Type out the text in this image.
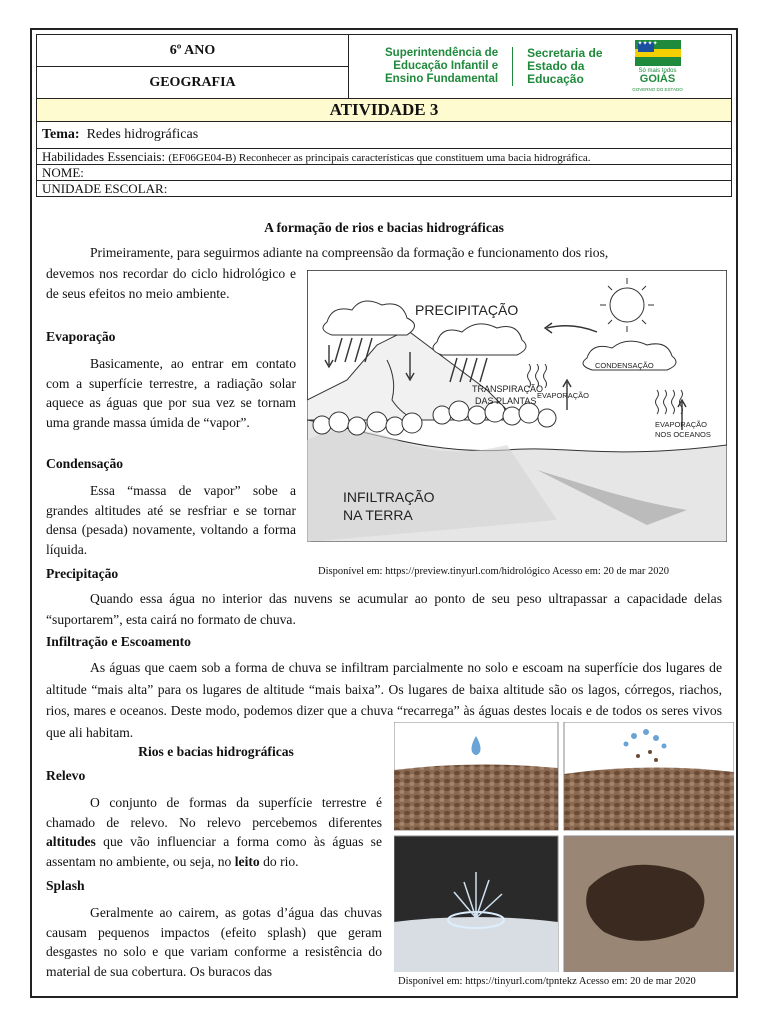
6º ANO
GEOGRAFIA
Superintendência de
Educação Infantil e
Ensino Fundamental
Secretaria de
Estado da
Educação
✦✦✦✦
Só mais todos
GOIÁS
GOVERNO DO ESTADO
ATIVIDADE 3
Tema: Redes hidrográficas
Habilidades Essenciais: (EF06GE04-B) Reconhecer as principais características que constituem uma bacia hidrográfica.
NOME:
UNIDADE ESCOLAR:
A formação de rios e bacias hidrográficas
Primeiramente, para seguirmos adiante na compreensão da formação e funcionamento dos rios,
devemos nos recordar do ciclo hidrológico e de seus efeitos no meio ambiente.
Evaporação
Basicamente, ao entrar em contato com a superfície terrestre, a radiação solar aquece as águas que por sua vez se tornam uma grande massa úmida de “vapor”.
Condensação
Essa “massa de vapor” sobe a grandes altitudes até se resfriar e se tornar densa (pesada) novamente, voltando a forma líquida.
Precipitação	Disponível em: https://preview.tinyurl.com/hidrológico Acesso em: 20 de mar 2020
Quando essa água no interior das nuvens se acumular ao ponto de seu peso ultrapassar a capacidade delas “suportarem”, esta cairá no formato de chuva.
Infiltração e Escoamento
As águas que caem sob a forma de chuva se infiltram parcialmente no solo e escoam na superfície dos lugares de altitude “mais alta” para os lugares de altitude “mais baixa”. Os lugares de baixa altitude são os lagos, córregos, riachos, rios, mares e oceanos. Deste modo, podemos dizer que a chuva “recarrega” às águas destes locais e de todos os seres vivos que ali habitam.
PRECIPITAÇÃO
CONDENSAÇÃO
TRANSPIRAÇÃO
DAS PLANTAS
EVAPORAÇÃO
EVAPORAÇÃO
NOS OCEANOS
INFILTRAÇÃO
NA TERRA
Rios e bacias hidrográficas
Relevo
O conjunto de formas da superfície terrestre é chamado de relevo. No relevo percebemos diferentes altitudes que vão influenciar a forma como às águas se assentam no ambiente, ou seja, no leito do rio.
Splash
Geralmente ao cairem, as gotas d’água das chuvas causam pequenos impactos (efeito splash) que geram desgastes no solo e que variam conforme a resistência do material de sua cobertura. Os buracos das
Disponível em: https://tinyurl.com/tpntekz Acesso em: 20 de mar 2020
